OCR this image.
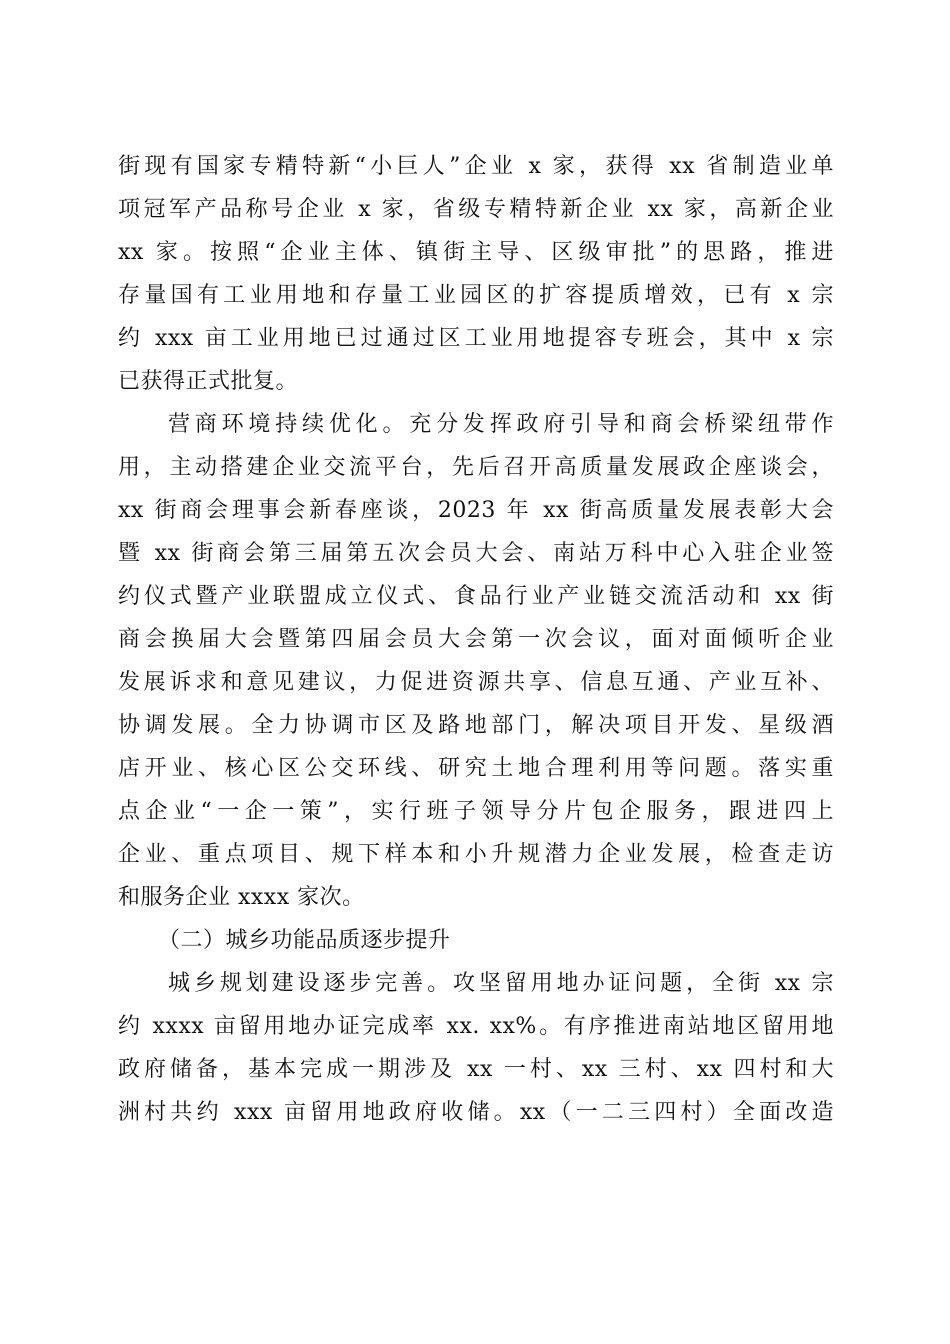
街现有国家专精特新“小巨人”企业 x 家，获得 xx 省制造业单
项冠军产品称号企业 x 家，省级专精特新企业 xx 家，高新企业
xx 家。按照“企业主体、镇街主导、区级审批”的思路，推进
存量国有工业用地和存量工业园区的扩容提质增效，已有 x 宗
约 xxx 亩工业用地已过通过区工业用地提容专班会，其中 x 宗
已获得正式批复。
营商环境持续优化。充分发挥政府引导和商会桥梁纽带作
用，主动搭建企业交流平台，先后召开高质量发展政企座谈会，
xx 街商会理事会新春座谈，2023 年 xx 街高质量发展表彰大会
暨 xx 街商会第三届第五次会员大会、南站万科中心入驻企业签
约仪式暨产业联盟成立仪式、食品行业产业链交流活动和 xx 街
商会换届大会暨第四届会员大会第一次会议，面对面倾听企业
发展诉求和意见建议，力促进资源共享、信息互通、产业互补、
协调发展。全力协调市区及路地部门，解决项目开发、星级酒
店开业、核心区公交环线、研究土地合理利用等问题。落实重
点企业“一企一策”，实行班子领导分片包企服务，跟进四上
企业、重点项目、规下样本和小升规潜力企业发展，检查走访
和服务企业 xxxx 家次。
（二）城乡功能品质逐步提升
城乡规划建设逐步完善。攻坚留用地办证问题，全街 xx 宗
约 xxxx 亩留用地办证完成率 xx. xx%。有序推进南站地区留用地
政府储备，基本完成一期涉及 xx 一村、xx 三村、xx 四村和大
洲村共约 xxx 亩留用地政府收储。xx（一二三四村）全面改造
